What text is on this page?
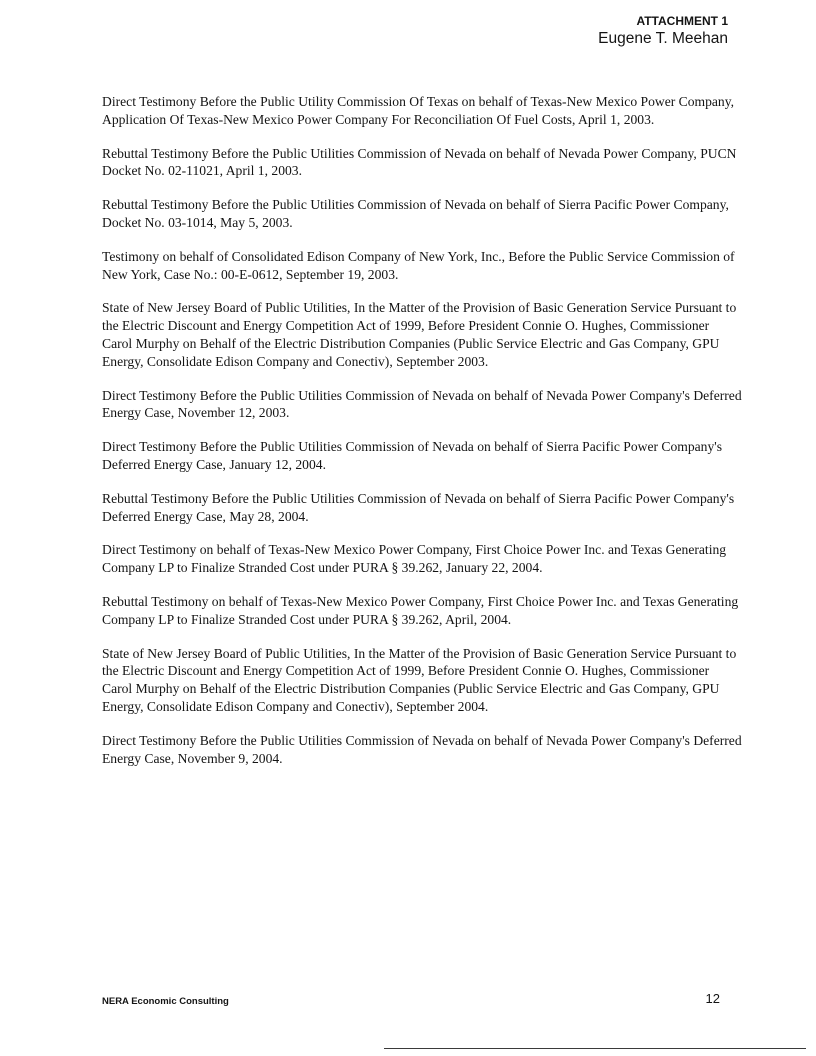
ATTACHMENT 1
Eugene T. Meehan

Direct Testimony Before the Public Utility Commission Of Texas on behalf of Texas-New Mexico Power Company, Application Of Texas-New Mexico Power Company For Reconciliation Of Fuel Costs, April 1, 2003.

Rebuttal Testimony Before the Public Utilities Commission of Nevada on behalf of Nevada Power Company, PUCN Docket No. 02-11021, April 1, 2003.

Rebuttal Testimony Before the Public Utilities Commission of Nevada on behalf of Sierra Pacific Power Company, Docket No. 03-1014, May 5, 2003.

Testimony on behalf of Consolidated Edison Company of New York, Inc., Before the Public Service Commission of New York, Case No.: 00-E-0612, September 19, 2003.

State of New Jersey Board of Public Utilities, In the Matter of the Provision of Basic Generation Service Pursuant to the Electric Discount and Energy Competition Act of 1999, Before President Connie O. Hughes, Commissioner Carol Murphy on Behalf of the Electric Distribution Companies (Public Service Electric and Gas Company, GPU Energy, Consolidate Edison Company and Conectiv), September 2003.

Direct Testimony Before the Public Utilities Commission of Nevada on behalf of Nevada Power Company's Deferred Energy Case, November 12, 2003.

Direct Testimony Before the Public Utilities Commission of Nevada on behalf of Sierra Pacific Power Company's Deferred Energy Case, January 12, 2004.

Rebuttal Testimony Before the Public Utilities Commission of Nevada on behalf of Sierra Pacific Power Company's Deferred Energy Case, May 28, 2004.

Direct Testimony on behalf of Texas-New Mexico Power Company, First Choice Power Inc. and Texas Generating Company LP to Finalize Stranded Cost under PURA § 39.262, January 22, 2004.

Rebuttal Testimony on behalf of Texas-New Mexico Power Company, First Choice Power Inc. and Texas Generating Company LP to Finalize Stranded Cost under PURA § 39.262, April, 2004.

State of New Jersey Board of Public Utilities, In the Matter of the Provision of Basic Generation Service Pursuant to the Electric Discount and Energy Competition Act of 1999, Before President Connie O. Hughes, Commissioner Carol Murphy on Behalf of the Electric Distribution Companies (Public Service Electric and Gas Company, GPU Energy, Consolidate Edison Company and Conectiv), September 2004.

Direct Testimony Before the Public Utilities Commission of Nevada on behalf of Nevada Power Company's Deferred Energy Case, November 9, 2004.

NERA Economic Consulting	12
